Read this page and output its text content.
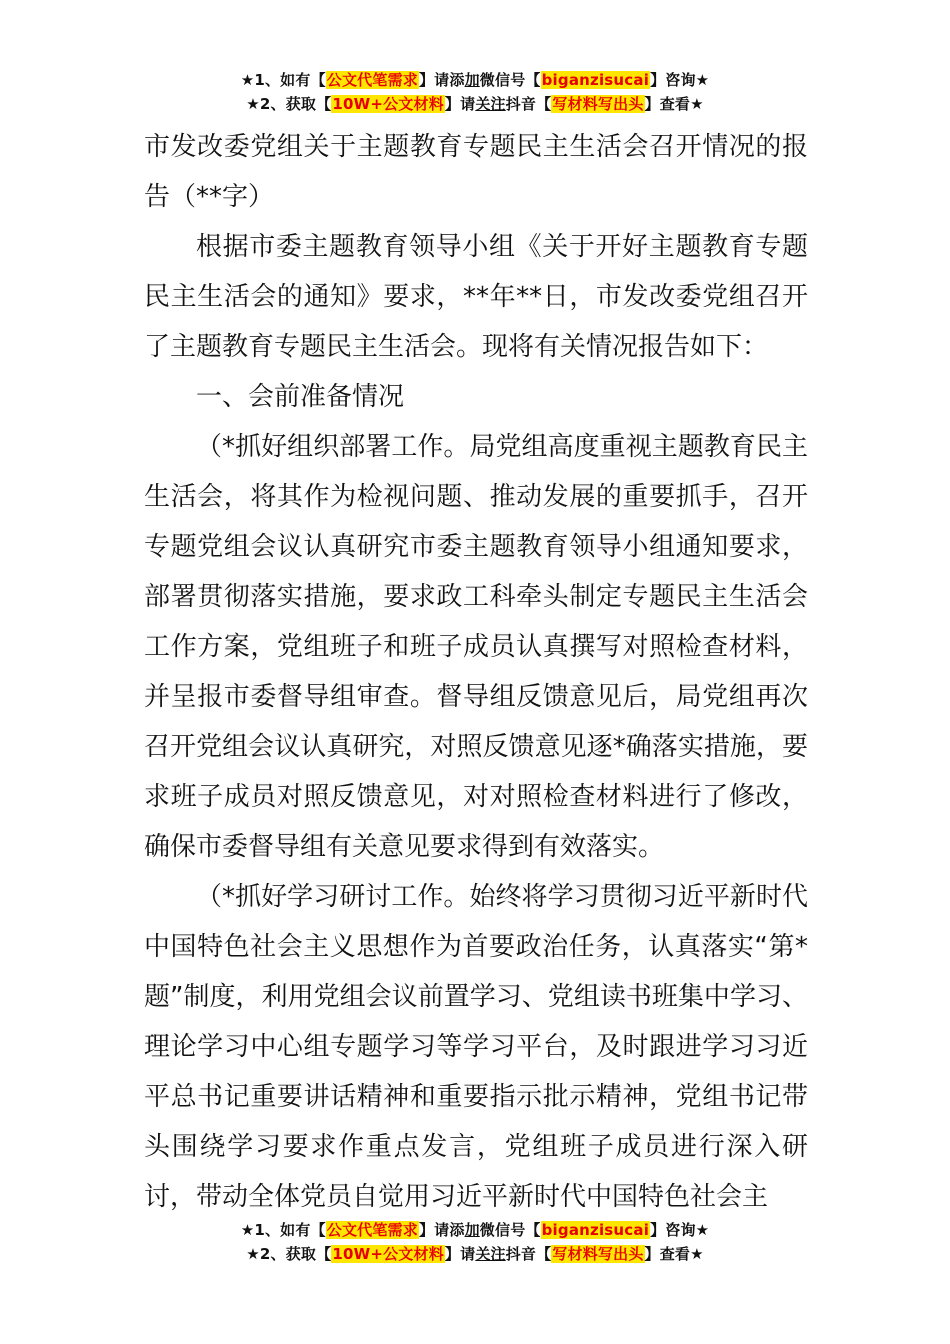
★1、如有【公文代笔需求】请添加微信号【biganzisucai】咨询★
★2、获取【10W+公文材料】请关注抖音【写材料写出头】查看★

市发改委党组关于主题教育专题民主生活会召开情况的报告（**字）

根据市委主题教育领导小组《关于开好主题教育专题民主生活会的通知》要求，**年**日，市发改委党组召开了主题教育专题民主生活会。现将有关情况报告如下：

一、会前准备情况

（*抓好组织部署工作。局党组高度重视主题教育民主生活会，将其作为检视问题、推动发展的重要抓手，召开专题党组会议认真研究市委主题教育领导小组通知要求，部署贯彻落实措施，要求政工科牵头制定专题民主生活会工作方案，党组班子和班子成员认真撰写对照检查材料，并呈报市委督导组审查。督导组反馈意见后，局党组再次召开党组会议认真研究，对照反馈意见逐*确落实措施，要求班子成员对照反馈意见，对对照检查材料进行了修改，确保市委督导组有关意见要求得到有效落实。

（*抓好学习研讨工作。始终将学习贯彻习近平新时代中国特色社会主义思想作为首要政治任务，认真落实“第*题”制度，利用党组会议前置学习、党组读书班集中学习、理论学习中心组专题学习等学习平台，及时跟进学习习近平总书记重要讲话精神和重要指示批示精神，党组书记带头围绕学习要求作重点发言，党组班子成员进行深入研讨，带动全体党员自觉用习近平新时代中国特色社会主

★1、如有【公文代笔需求】请添加微信号【biganzisucai】咨询★
★2、获取【10W+公文材料】请关注抖音【写材料写出头】查看★
